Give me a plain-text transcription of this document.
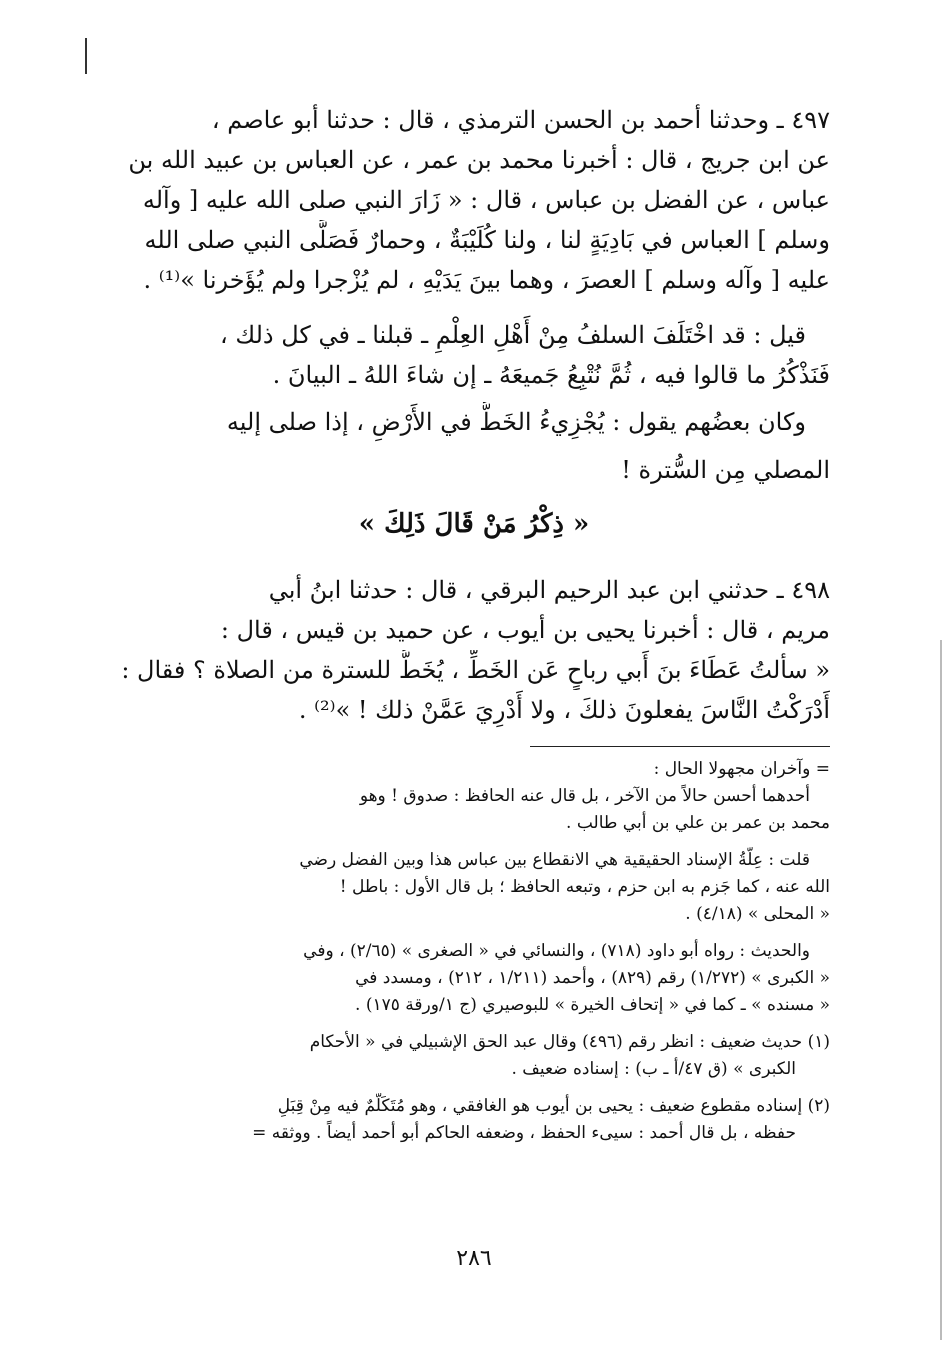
٤٩٧ ـ وحدثنا أحمد بن الحسن الترمذي ، قال : حدثنا أبو عاصم ،
عن ابن جريج ، قال : أخبرنا محمد بن عمر ، عن العباس بن عبيد الله بن
عباس ، عن الفضل بن عباس ، قال : « زَارَ النبي صلى الله عليه [ وآله
وسلم ] العباس في بَادِيَةٍ لنا ، ولنا كُلَيْبَةٌ ، وحمارٌ فَصَلَّى النبي صلى الله
عليه [ وآله وسلم ] العصرَ ، وهما بينَ يَدَيْهِ ، لم يُزْجرا ولم يُؤَخرنا »⁽¹⁾ .
قيل : قد اخْتَلَفَ السلفُ مِنْ أَهْلِ العِلْمِ ـ قبلنا ـ في كل ذلك ،
فَنَذْكُرُ ما قالوا فيه ، ثُمَّ نُتْبِعُ جَميعَهُ ـ إن شاءَ اللهُ ـ البيانَ .
وكان بعضُهم يقول : يُجْزِيءُ الخَطُّ في الأَرْضِ ، إذا صلى إليه
المصلي مِن السُّترة !
« ذِكْرُ مَنْ قَالَ ذَلِكَ »
٤٩٨ ـ حدثني ابن عبد الرحيم البرقي ، قال : حدثنا ابنُ أبي
مريم ، قال : أخبرنا يحيى بن أيوب ، عن حميد بن قيس ، قال :
« سألتُ عَطَاءَ بنَ أَبي رباحٍ عَن الخَطِّ ، يُخَطُّ للسترة من الصلاة ؟ فقال :
أَدْرَكْتُ النَّاسَ يفعلونَ ذلكَ ، ولا أَدْرِيَ عَمَّنْ ذلك ! »⁽²⁾ .
= وآخران مجهولا الحال :
أحدهما أحسن حالاً من الآخر ، بل قال عنه الحافظ : صدوق ! وهو
محمد بن عمر بن علي بن أبي طالب .
قلت : عِلَّةُ الإسناد الحقيقية هي الانقطاع بين عباس هذا وبين الفضل رضي
الله عنه ، كما جَزم به ابن حزم ، وتبعه الحافظ ؛ بل قال الأول : باطل !
« المحلى » (٤/١٨) .
والحديث : رواه أبو داود (٧١٨) ، والنسائي في « الصغرى » (٢/٦٥) ، وفي
« الكبرى » (١/٢٧٢) رقم (٨٢٩) ، وأحمد (١/٢١١ ، ٢١٢) ، ومسدد في
« مسنده » ـ كما في « إتحاف الخيرة » للبوصيري (ج ١/ورقة ١٧٥) .
(١) حديث ضعيف : انظر رقم (٤٩٦) وقال عبد الحق الإشبيلي في « الأحكام
الكبرى » (ق ٤٧/أ ـ ب) : إسناده ضعيف .
(٢) إسناده مقطوع ضعيف : يحيى بن أيوب هو الغافقي ، وهو مُتَكَلَّمٌ فيه مِنْ قِبَلِ
حفظه ، بل قال أحمد : سيىء الحفظ ، وضعفه الحاكم أبو أحمد أيضاً . ووثقه =
٢٨٦
